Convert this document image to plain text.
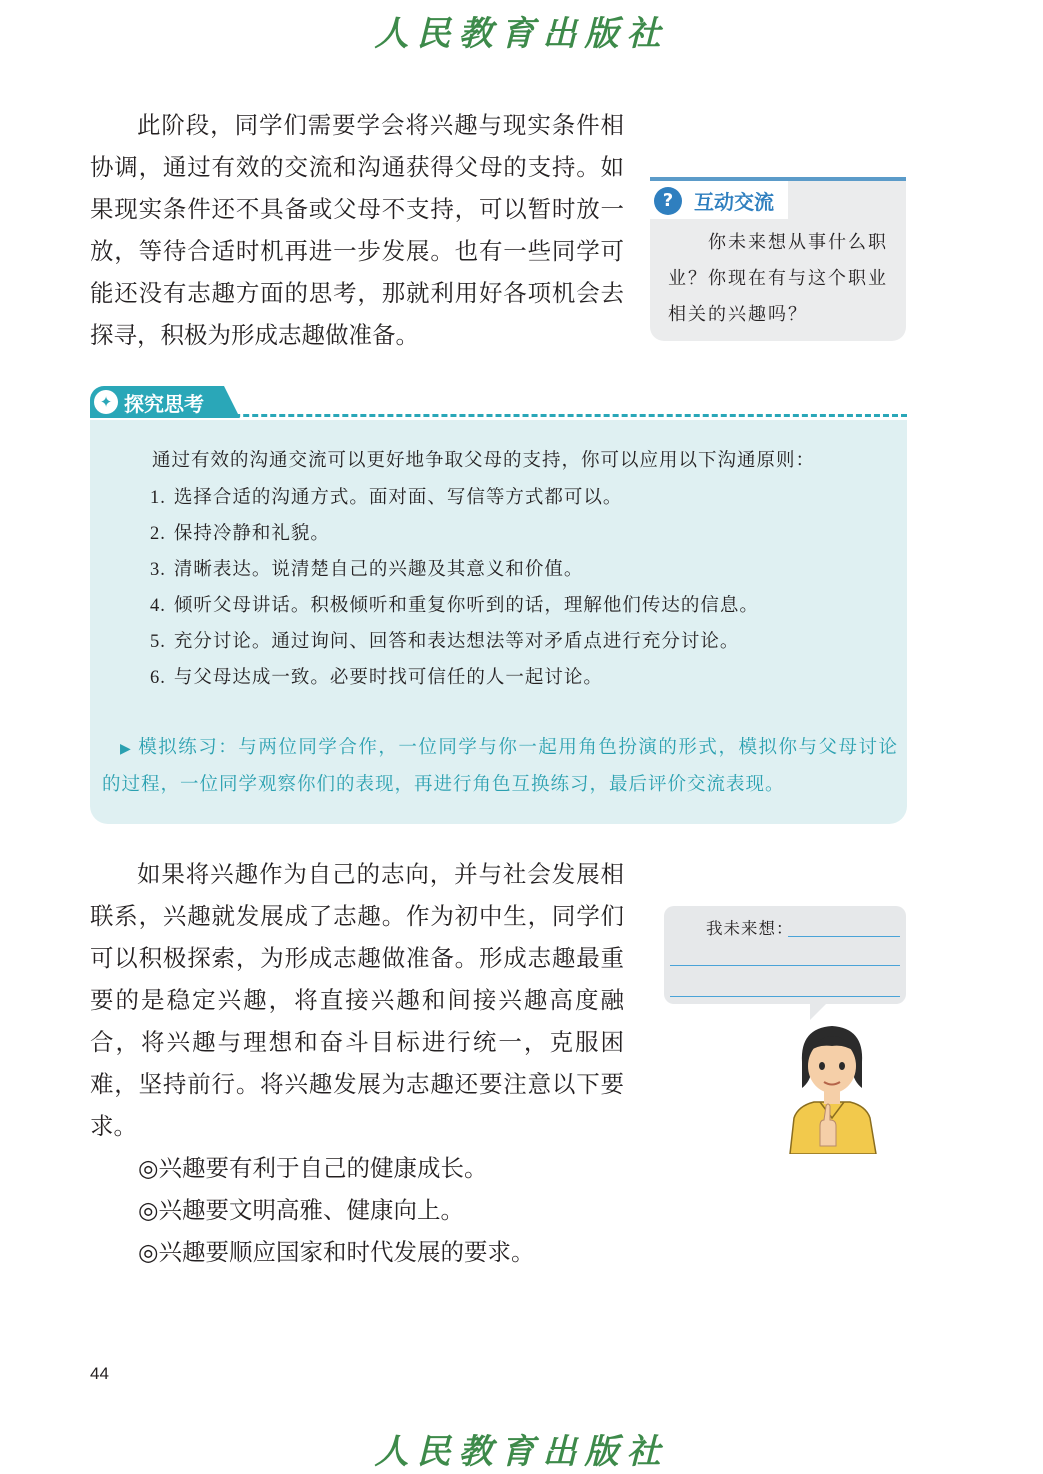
人民教育出版社

此阶段，同学们需要学会将兴趣与现实条件相协调，通过有效的交流和沟通获得父母的支持。如果现实条件还不具备或父母不支持，可以暂时放一放，等待合适时机再进一步发展。也有一些同学可能还没有志趣方面的思考，那就利用好各项机会去探寻，积极为形成志趣做准备。

?	互动交流

你未来想从事什么职业？你现在有与这个职业相关的兴趣吗？

✦ 探究思考
通过有效的沟通交流可以更好地争取父母的支持，你可以应用以下沟通原则：
1. 选择合适的沟通方式。面对面、写信等方式都可以。
2. 保持冷静和礼貌。
3. 清晰表达。说清楚自己的兴趣及其意义和价值。
4. 倾听父母讲话。积极倾听和重复你听到的话，理解他们传达的信息。
5. 充分讨论。通过询问、回答和表达想法等对矛盾点进行充分讨论。
6. 与父母达成一致。必要时找可信任的人一起讨论。

▶ 模拟练习：与两位同学合作，一位同学与你一起用角色扮演的形式，模拟你与父母讨论的过程，一位同学观察你们的表现，再进行角色互换练习，最后评价交流表现。

如果将兴趣作为自己的志向，并与社会发展相联系，兴趣就发展成了志趣。作为初中生，同学们可以积极探索，为形成志趣做准备。形成志趣最重要的是稳定兴趣，将直接兴趣和间接兴趣高度融合，将兴趣与理想和奋斗目标进行统一，克服困难，坚持前行。将兴趣发展为志趣还要注意以下要求。

我未来想：
44
◎兴趣要有利于自己的健康成长。
◎兴趣要文明高雅、健康向上。
◎兴趣要顺应国家和时代发展的要求。
人民教育出版社
